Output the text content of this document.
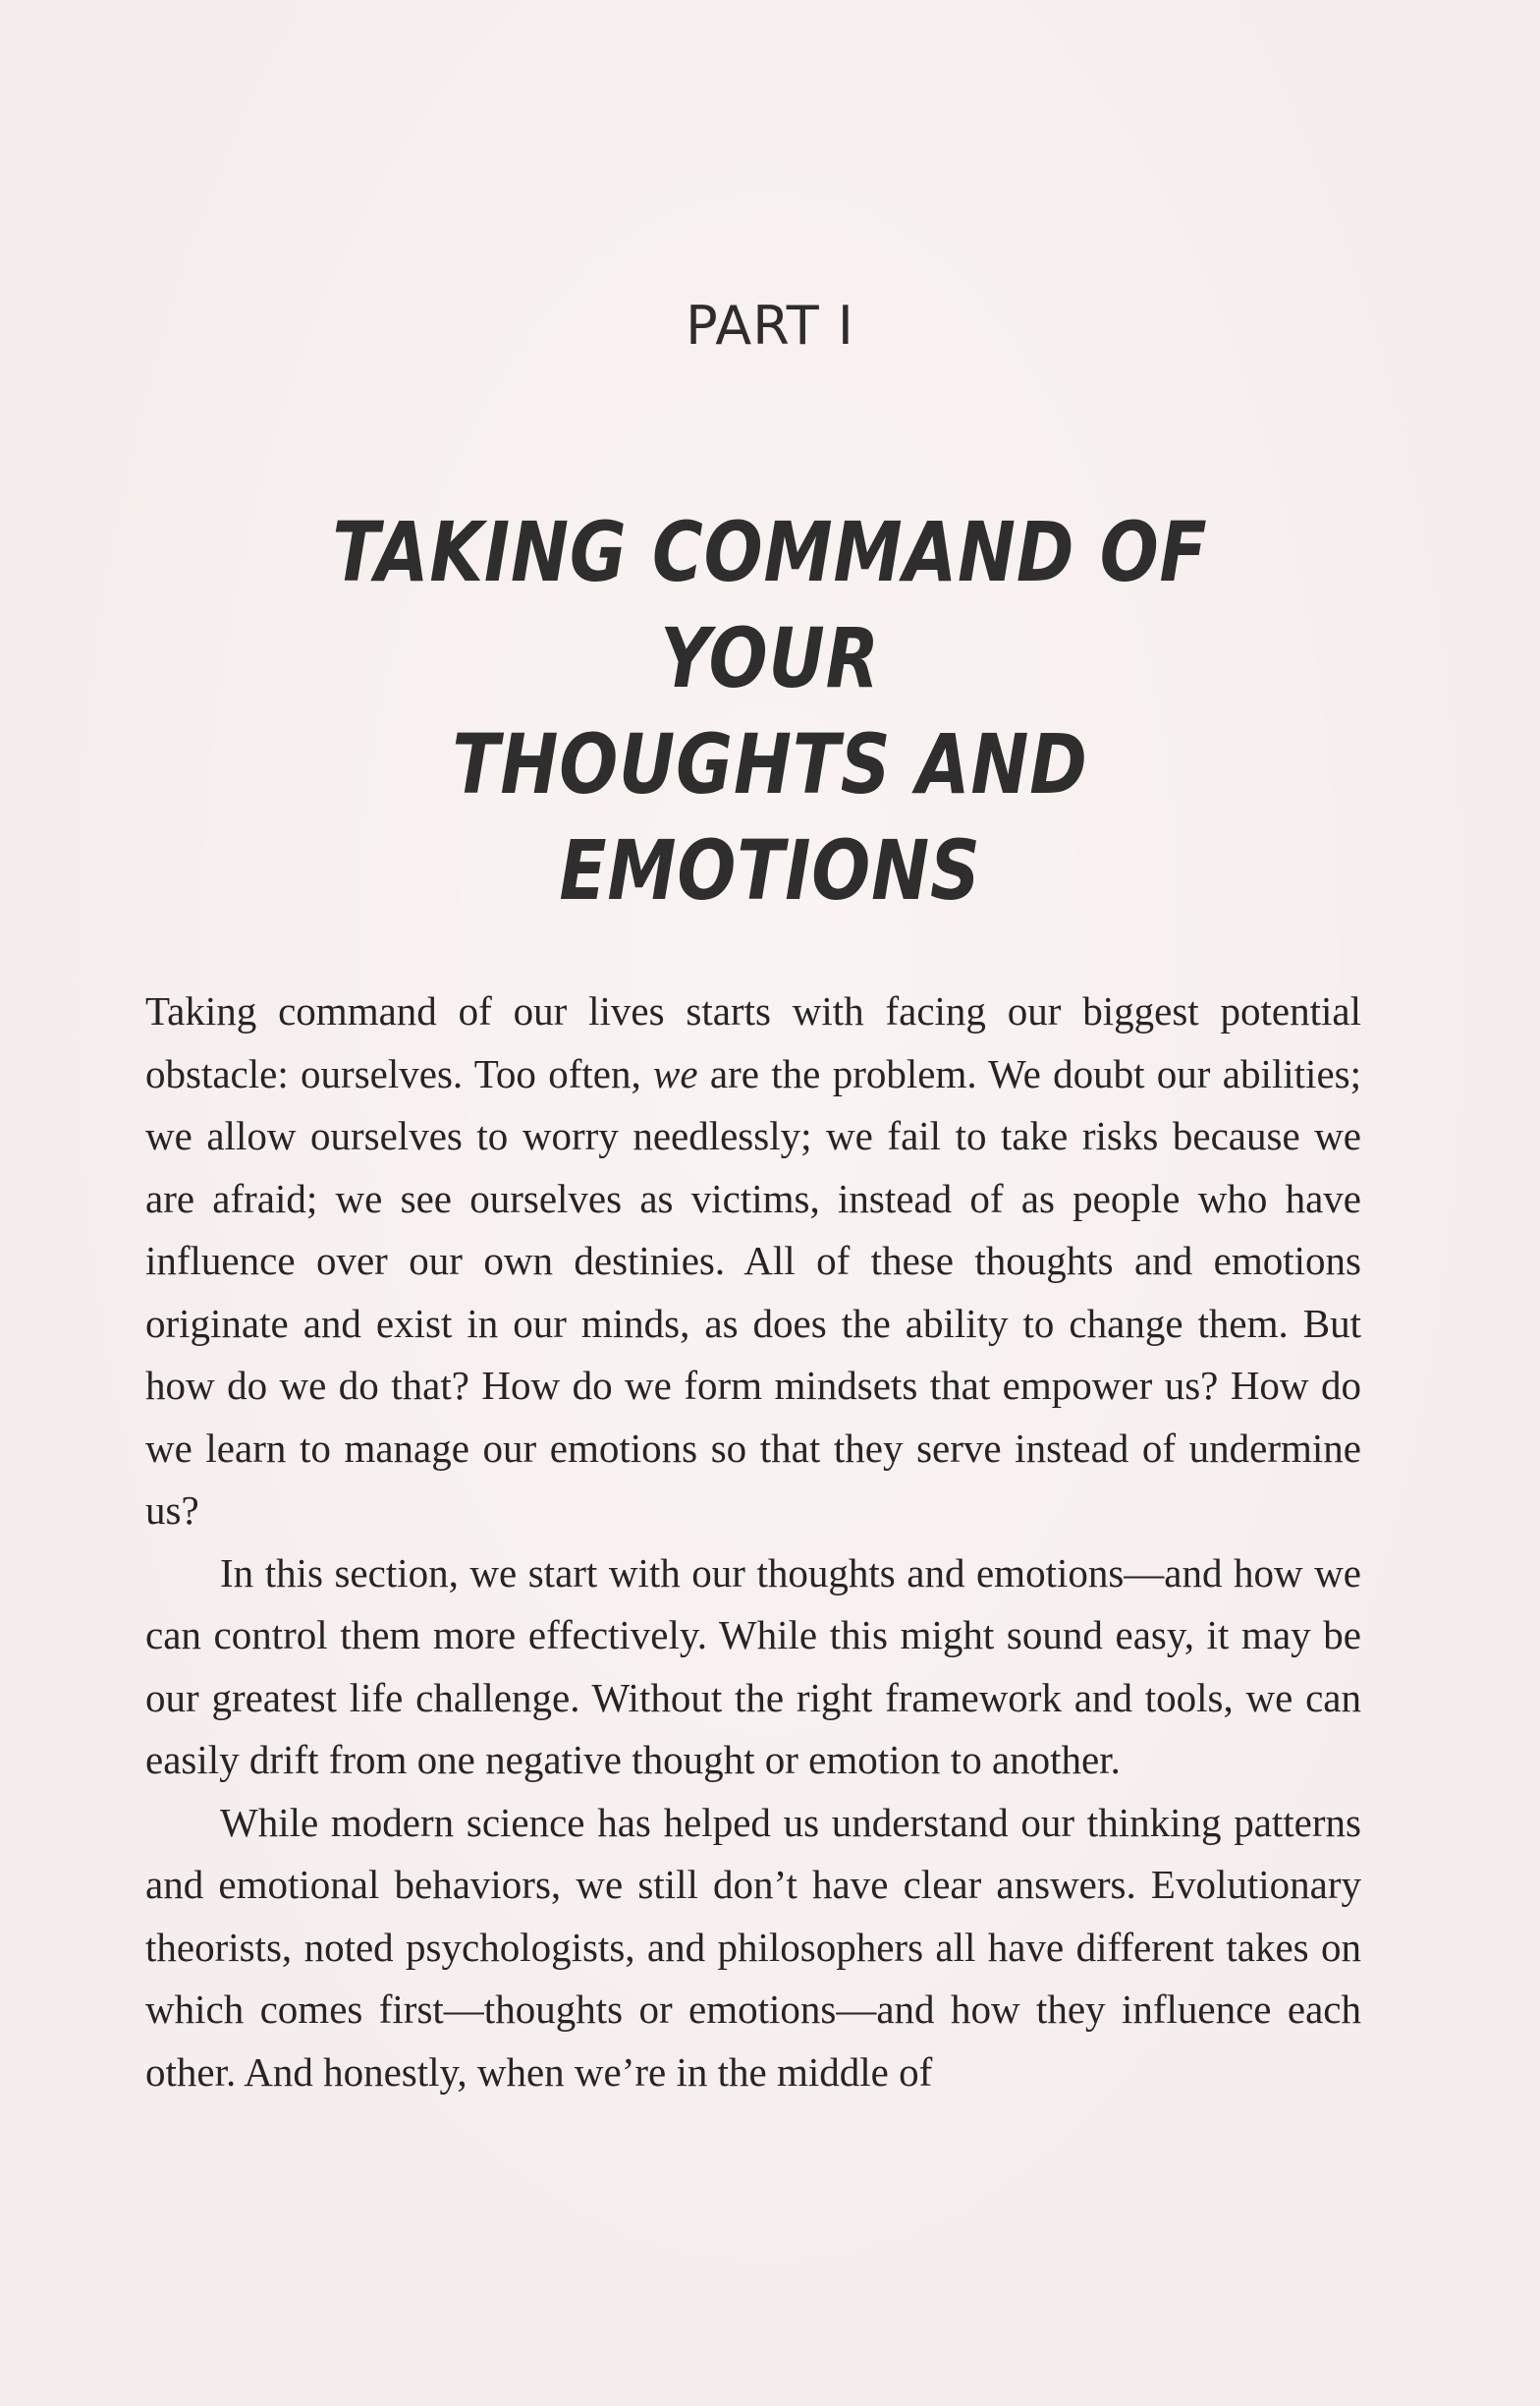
PART I
TAKING COMMAND OF YOUR
THOUGHTS AND EMOTIONS

Taking command of our lives starts with facing our biggest potential obstacle: ourselves. Too often, we are the problem. We doubt our abilities; we allow ourselves to worry needlessly; we fail to take risks because we are afraid; we see ourselves as victims, instead of as people who have influence over our own destinies. All of these thoughts and emotions originate and exist in our minds, as does the ability to change them. But how do we do that? How do we form mindsets that empower us? How do we learn to manage our emotions so that they serve instead of undermine us?

In this section, we start with our thoughts and emotions—and how we can control them more effectively. While this might sound easy, it may be our greatest life challenge. Without the right framework and tools, we can easily drift from one negative thought or emotion to another.

While modern science has helped us understand our thinking patterns and emotional behaviors, we still don’t have clear answers. Evolutionary theorists, noted psychologists, and philosophers all have different takes on which comes first—thoughts or emotions—and how they influence each other. And honestly, when we’re in the middle of
